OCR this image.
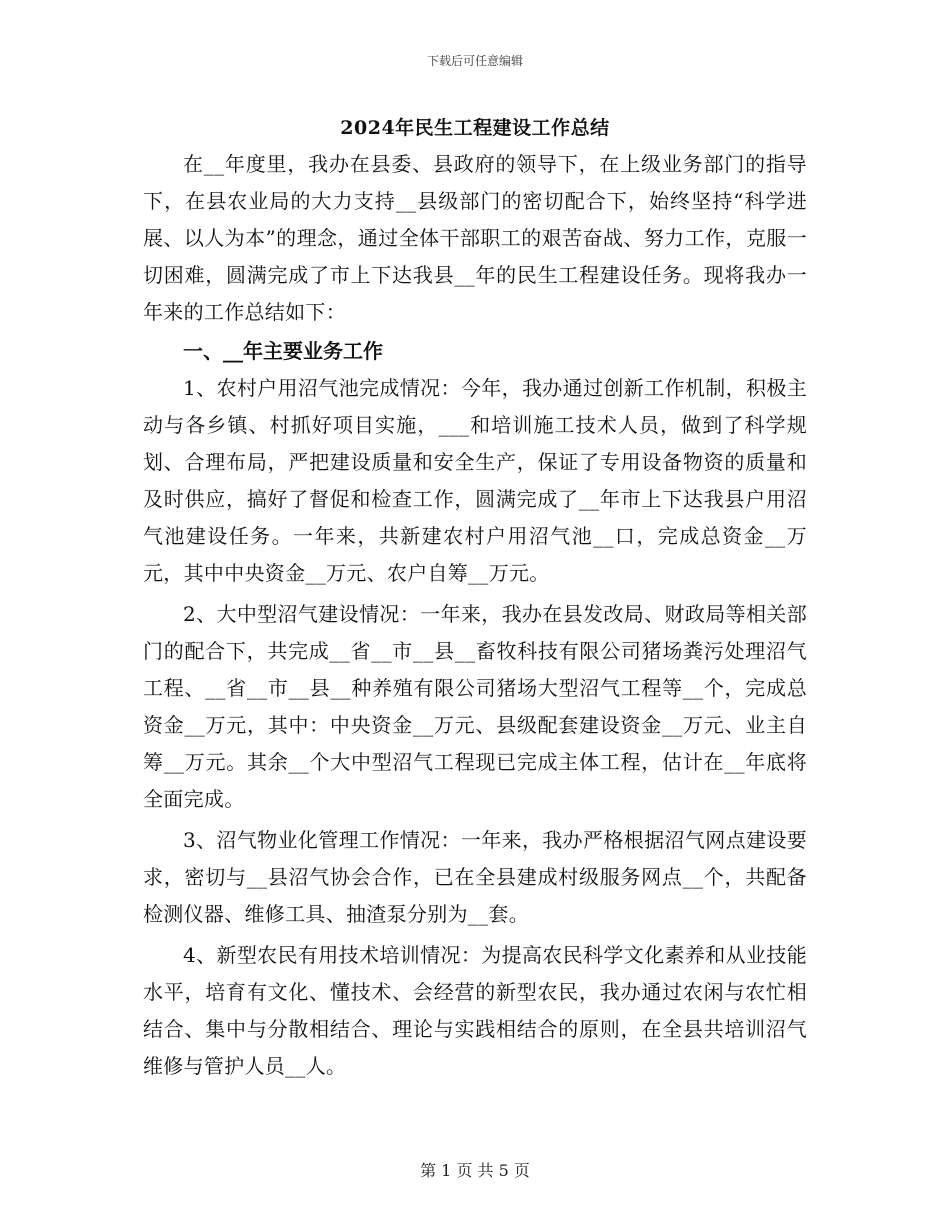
下载后可任意编辑
2024年民生工程建设工作总结

在__年度里，我办在县委、县政府的领导下，在上级业务部门的指导下，在县农业局的大力支持__县级部门的密切配合下，始终坚持“科学进展、以人为本”的理念，通过全体干部职工的艰苦奋战、努力工作，克服一切困难，圆满完成了市上下达我县__年的民生工程建设任务。现将我办一年来的工作总结如下：

一、__年主要业务工作

1、农村户用沼气池完成情况：今年，我办通过创新工作机制，积极主动与各乡镇、村抓好项目实施，___和培训施工技术人员，做到了科学规划、合理布局，严把建设质量和安全生产，保证了专用设备物资的质量和及时供应，搞好了督促和检查工作，圆满完成了__年市上下达我县户用沼气池建设任务。一年来，共新建农村户用沼气池__口，完成总资金__万元，其中中央资金__万元、农户自筹__万元。

2、大中型沼气建设情况：一年来，我办在县发改局、财政局等相关部门的配合下，共完成__省__市__县__畜牧科技有限公司猪场粪污处理沼气工程、__省__市__县__种养殖有限公司猪场大型沼气工程等__个，完成总资金__万元，其中：中央资金__万元、县级配套建设资金__万元、业主自筹__万元。其余__个大中型沼气工程现已完成主体工程，估计在__年底将全面完成。

3、沼气物业化管理工作情况：一年来，我办严格根据沼气网点建设要求，密切与__县沼气协会合作，已在全县建成村级服务网点__个，共配备检测仪器、维修工具、抽渣泵分别为__套。

4、新型农民有用技术培训情况：为提高农民科学文化素养和从业技能水平，培育有文化、懂技术、会经营的新型农民，我办通过农闲与农忙相结合、集中与分散相结合、理论与实践相结合的原则，在全县共培训沼气维修与管护人员__人。

第 1 页 共 5 页
